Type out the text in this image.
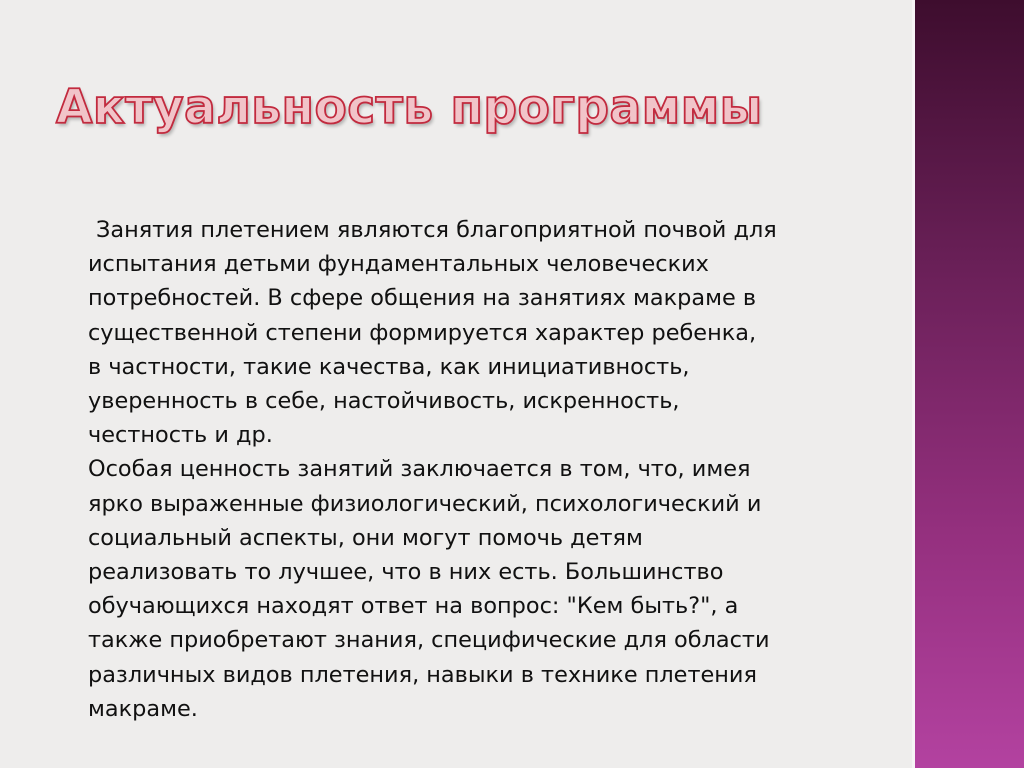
Актуальность программы
Занятия плетением являются благоприятной почвой для
испытания детьми фундаментальных человеческих
потребностей. В сфере общения на занятиях макраме в
существенной степени формируется характер ребенка,
в частности, такие качества, как инициативность,
уверенность в себе, настойчивость, искренность,
честность и др.
Особая ценность занятий заключается в том, что, имея
ярко выраженные физиологический, психологический и
социальный аспекты, они могут помочь детям
реализовать то лучшее, что в них есть. Большинство
обучающихся находят ответ на вопрос: "Кем быть?", а
также приобретают знания, специфические для области
различных видов плетения, навыки в технике плетения
макраме.
